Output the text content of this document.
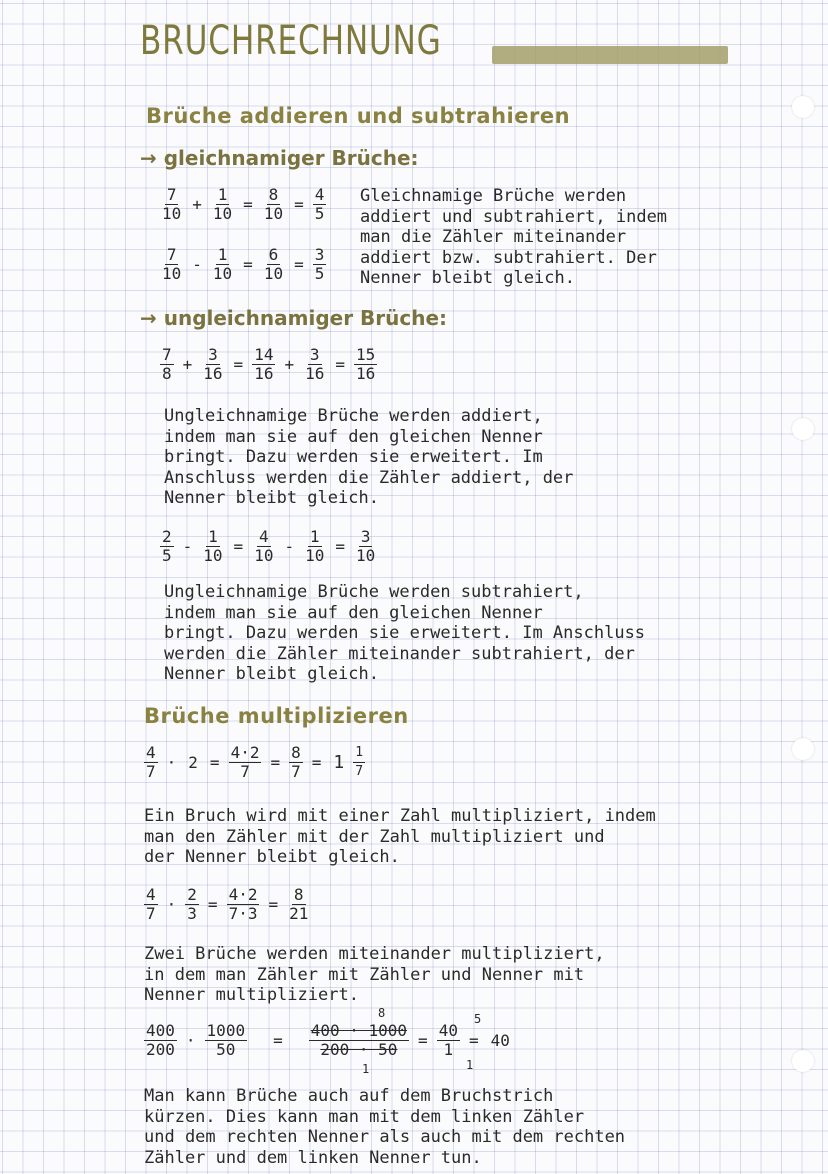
BRUCHRECHNUNG
Brüche addieren und subtrahieren
→ gleichnamiger Brüche:
$\frac{7}{10} + \frac{1}{10} = \frac{8}{10} = \frac{4}{5}$
$\frac{7}{10} - \frac{1}{10} = \frac{6}{10} = \frac{3}{5}$
Gleichnamige Brüche werden
addiert und subtrahiert, indem
man die Zähler miteinander
addiert bzw. subtrahiert. Der
Nenner bleibt gleich.
→ ungleichnamiger Brüche:
$\frac{7}{8} + \frac{3}{16} = \frac{14}{16} + \frac{3}{16} = \frac{15}{16}$
Ungleichnamige Brüche werden addiert,
indem man sie auf den gleichen Nenner
bringt. Dazu werden sie erweitert. Im
Anschluss werden die Zähler addiert, der
Nenner bleibt gleich.
$\frac{2}{5} - \frac{1}{10} = \frac{4}{10} - \frac{1}{10} = \frac{3}{10}$
Ungleichnamige Brüche werden subtrahiert,
indem man sie auf den gleichen Nenner
bringt. Dazu werden sie erweitert. Im Anschluss
werden die Zähler miteinander subtrahiert, der
Nenner bleibt gleich.
Brüche multiplizieren
$\frac{4}{7} \cdot 2 = \frac{4\cdot 2}{7} = \frac{8}{7} = 1 \frac{1}{7}$
Ein Bruch wird mit einer Zahl multipliziert, indem
man den Zähler mit der Zahl multipliziert und
der Nenner bleibt gleich.
$\frac{4}{7} \cdot \frac{2}{3} = \frac{4\cdot 2}{7\cdot 3} = \frac{8}{21}$
Zwei Brüche werden miteinander multipliziert,
in dem man Zähler mit Zähler und Nenner mit
Nenner multipliziert.
$\frac{400}{200} \cdot \frac{1000}{50}$	=	$\frac{400 \cdot 1000}{200 \cdot 50} = \frac{40}{1} = 40$
8	5
1	1
Man kann Brüche auch auf dem Bruchstrich
kürzen. Dies kann man mit dem linken Zähler
und dem rechten Nenner als auch mit dem rechten
Zähler und dem linken Nenner tun.
